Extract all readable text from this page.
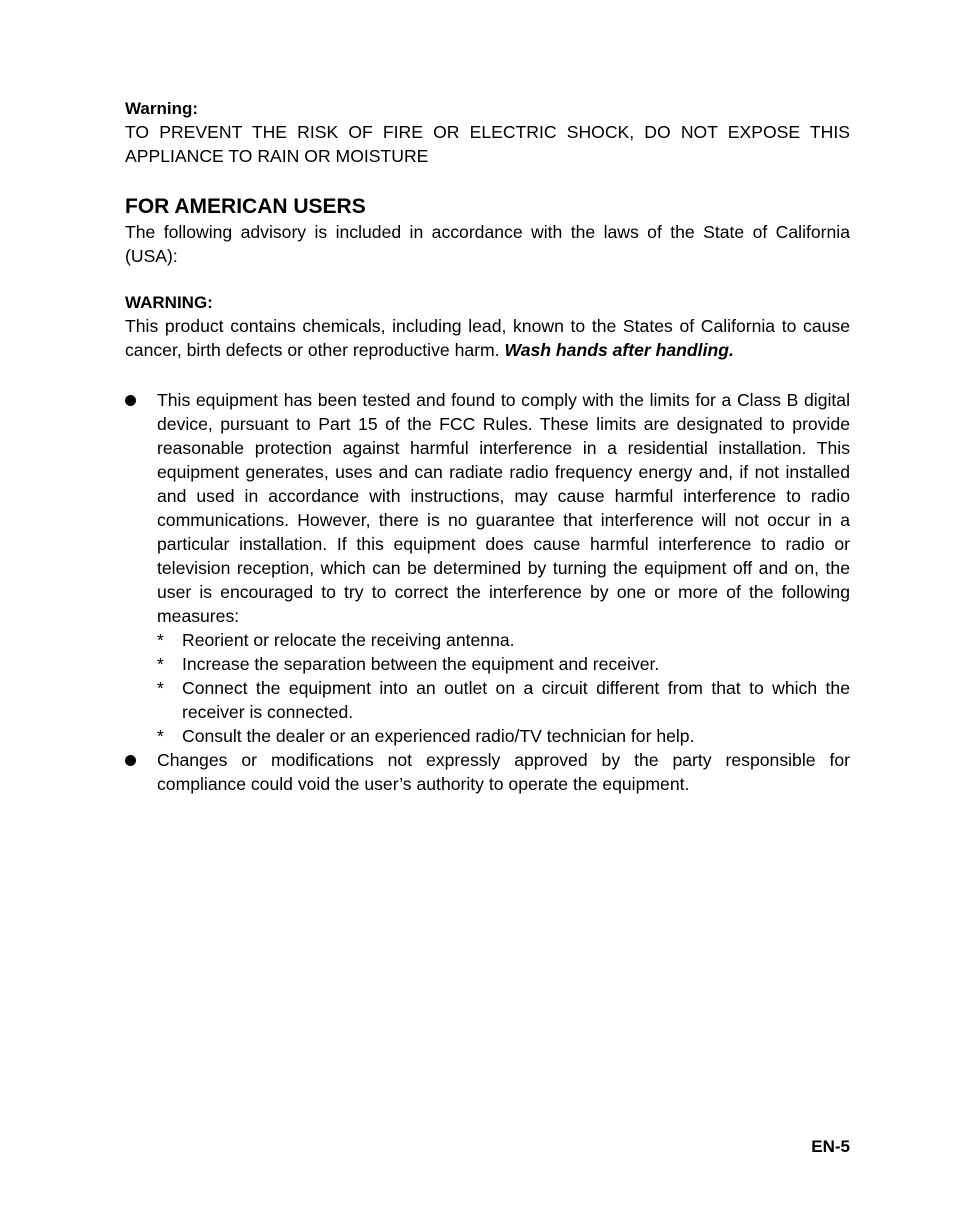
Warning:

TO PREVENT THE RISK OF FIRE OR ELECTRIC SHOCK, DO NOT EXPOSE THIS APPLIANCE TO RAIN OR MOISTURE

FOR AMERICAN USERS

The following advisory is included in accordance with the laws of the State of California (USA):

WARNING:

This product contains chemicals, including lead, known to the States of California to cause cancer, birth defects or other reproductive harm. Wash hands after handling.

This equipment has been tested and found to comply with the limits for a Class B digital device, pursuant to Part 15 of the FCC Rules. These limits are designated to provide reasonable protection against harmful interference in a residential installation. This equipment generates, uses and can radiate radio frequency energy and, if not installed and used in accordance with instructions, may cause harmful interference to radio communications. However, there is no guarantee that interference will not occur in a particular installation. If this equipment does cause harmful interference to radio or television reception, which can be determined by turning the equipment off and on, the user is encouraged to try to correct the interference by one or more of the following measures:

* Reorient or relocate the receiving antenna.
* Increase the separation between the equipment and receiver.
* Connect the equipment into an outlet on a circuit different from that to which the receiver is connected.
* Consult the dealer or an experienced radio/TV technician for help.

Changes or modifications not expressly approved by the party responsible for compliance could void the user’s authority to operate the equipment.

EN-5
